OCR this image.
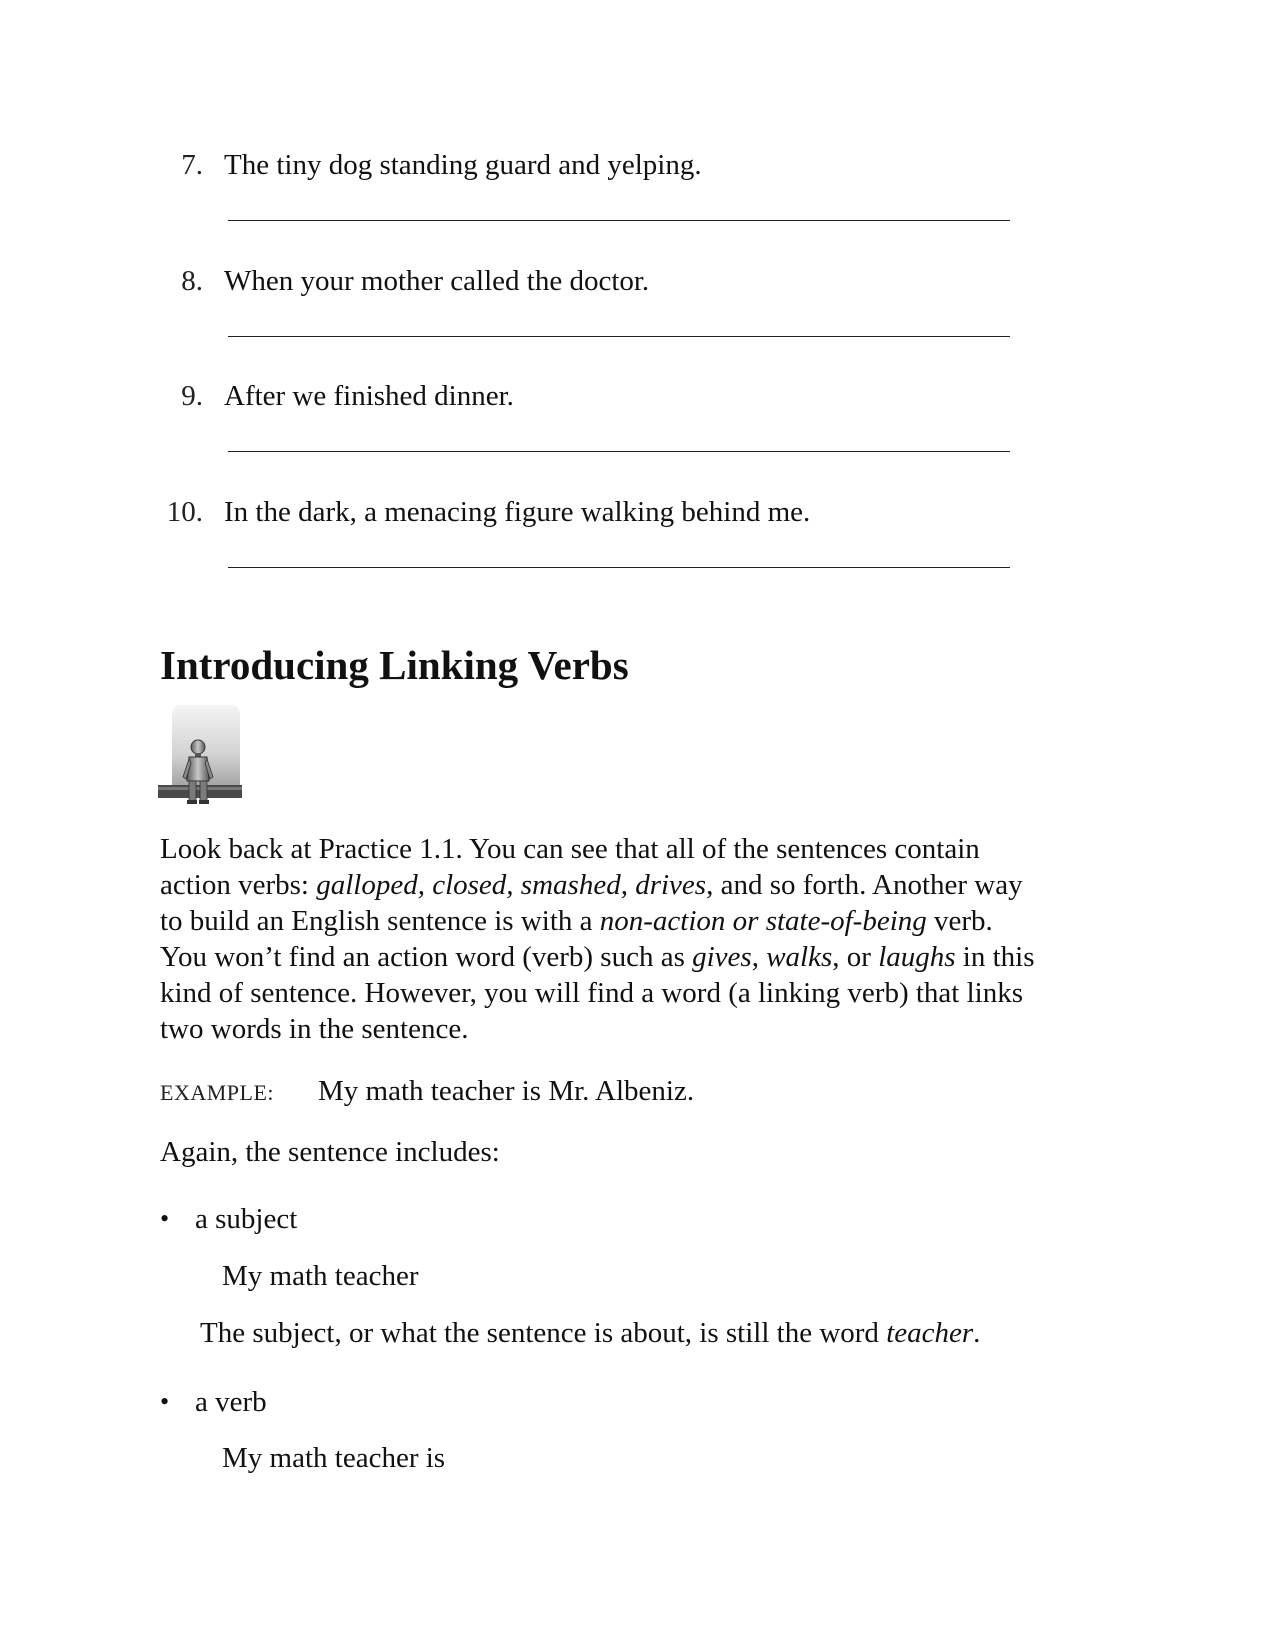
7. The tiny dog standing guard and yelping.
8. When your mother called the doctor.
9. After we finished dinner.
10. In the dark, a menacing figure walking behind me.
Introducing Linking Verbs

Look back at Practice 1.1. You can see that all of the sentences contain
action verbs: galloped, closed, smashed, drives, and so forth. Another way
to build an English sentence is with a non-action or state-of-being verb.
You won’t find an action word (verb) such as gives, walks, or laughs in this
kind of sentence. However, you will find a word (a linking verb) that links
two words in the sentence.

EXAMPLE: My math teacher is Mr. Albeniz.
Again, the sentence includes:
• a subject
My math teacher
The subject, or what the sentence is about, is still the word teacher.
• a verb
My math teacher is
